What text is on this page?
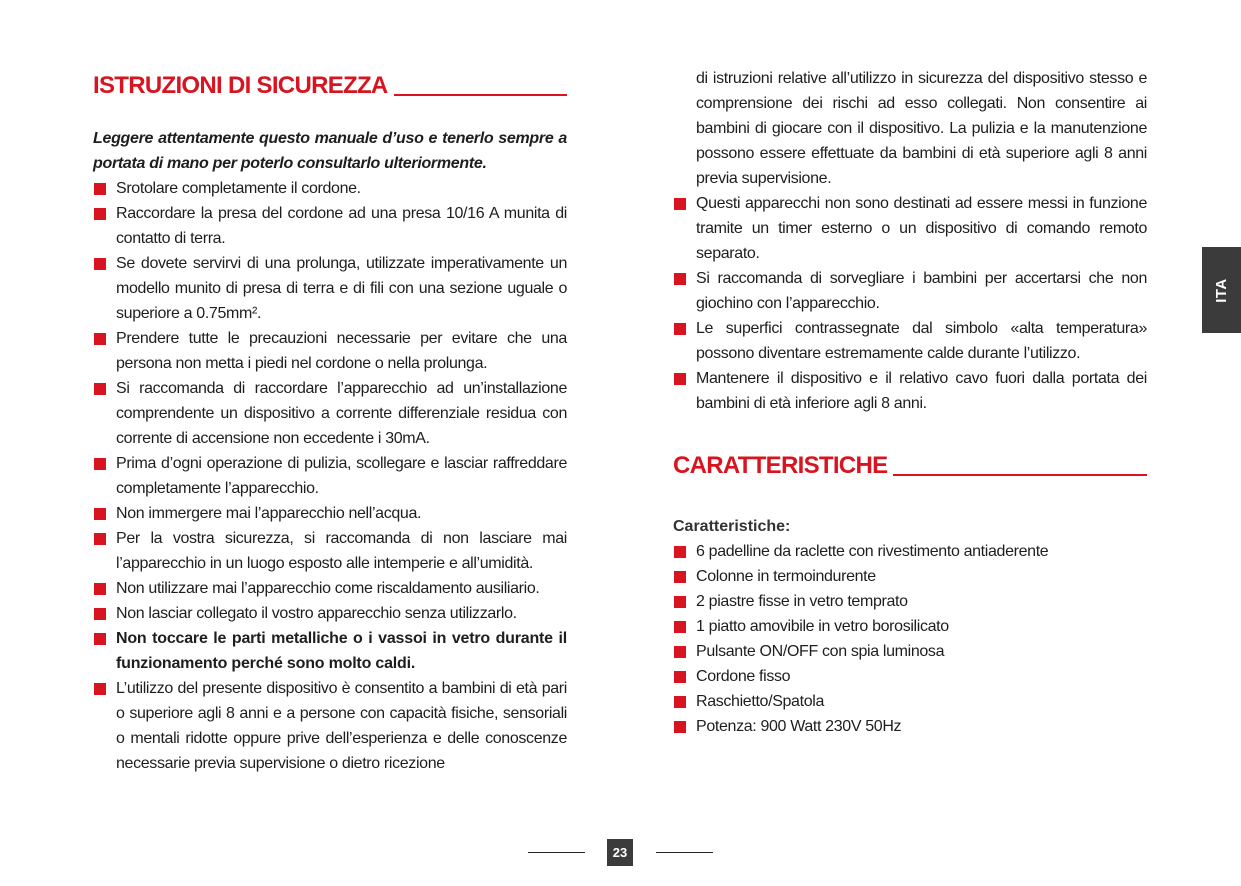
ISTRUZIONI DI SICUREZZA

Leggere attentamente questo manuale d’uso e tenerlo sempre a portata di mano per poterlo consultarlo ulteriormente.

Srotolare completamente il cordone.
Raccordare la presa del cordone ad una presa 10/16 A munita di contatto di terra.
Se dovete servirvi di una prolunga, utilizzate imperativamente un modello munito di presa di terra e di fili con una sezione uguale o superiore a 0.75mm².
Prendere tutte le precauzioni necessarie per evitare che una persona non metta i piedi nel cordone o nella prolunga.
Si raccomanda di raccordare l’apparecchio ad un’installazione comprendente un dispositivo a corrente differenziale residua con corrente di accensione non eccedente i 30mA.
Prima d’ogni operazione di pulizia, scollegare e lasciar raffreddare completamente l’apparecchio.
Non immergere mai l’apparecchio nell’acqua.
Per la vostra sicurezza, si raccomanda di non lasciare mai l’apparecchio in un luogo esposto alle intemperie e all’umidità.
Non utilizzare mai l’apparecchio come riscaldamento ausiliario.
Non lasciar collegato il vostro apparecchio senza utilizzarlo.
Non toccare le parti metalliche o i vassoi in vetro durante il funzionamento perché sono molto caldi.
L’utilizzo del presente dispositivo è consentito a bambini di età pari o superiore agli 8 anni e a persone con capacità fisiche, sensoriali o mentali ridotte oppure prive dell’esperienza e delle conoscenze necessarie previa supervisione o dietro ricezione
di istruzioni relative all’utilizzo in sicurezza del dispositivo stesso e comprensione dei rischi ad esso collegati. Non consentire ai bambini di giocare con il dispositivo. La pulizia e la manutenzione possono essere effettuate da bambini di età superiore agli 8 anni previa supervisione.
Questi apparecchi non sono destinati ad essere messi in funzione tramite un timer esterno o un dispositivo di comando remoto separato.
Si raccomanda di sorvegliare i bambini per accertarsi che non giochino con l’apparecchio.
Le superfici contrassegnate dal simbolo «alta temperatura» possono diventare estremamente calde durante l’utilizzo.
Mantenere il dispositivo e il relativo cavo fuori dalla portata dei bambini di età inferiore agli 8 anni.
CARATTERISTICHE

Caratteristiche:

6 padelline da raclette con rivestimento antiaderente
Colonne in termoindurente
2 piastre fisse in vetro temprato
1 piatto amovibile in vetro borosilicato
Pulsante ON/OFF con spia luminosa
Cordone fisso
Raschietto/Spatola
Potenza: 900 Watt 230V 50Hz
ITA
23
